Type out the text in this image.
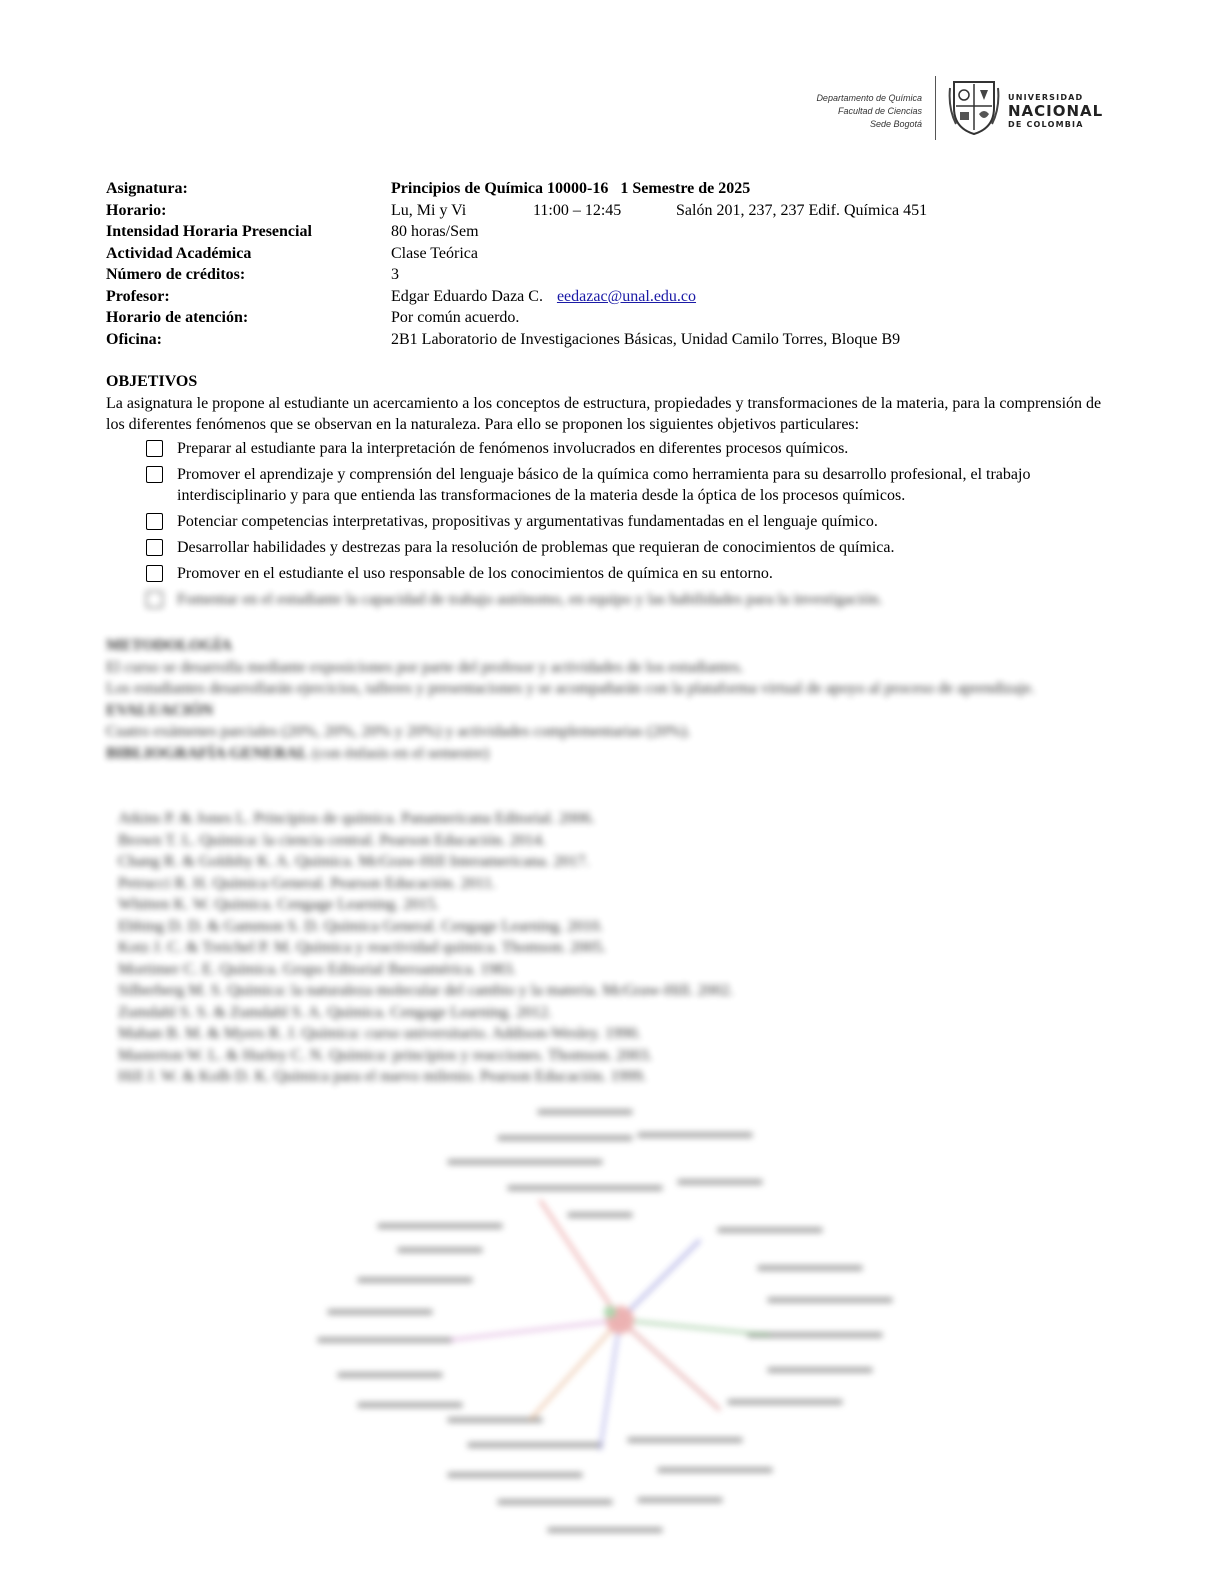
Departamento de Química
Facultad de Ciencias
Sede Bogotá
UNIVERSIDAD
NACIONAL
DE COLOMBIA
Asignatura:	Principios de Química 10000-16   1 Semestre de 2025
Horario:	Lu, Mi y Vi	11:00 – 12:45	Salón 201, 237, 237 Edif. Química 451
Intensidad Horaria Presencial	80 horas/Sem
Actividad Académica	Clase Teórica
Número de créditos:	3
Profesor:	Edgar Eduardo Daza C. eedazac@unal.edu.co
Horario de atención:	Por común acuerdo.
Oficina:	2B1 Laboratorio de Investigaciones Básicas, Unidad Camilo Torres, Bloque B9
OBJETIVOS

La asignatura le propone al estudiante un acercamiento a los conceptos de estructura, propiedades y transformaciones de la materia, para la comprensión de los diferentes fenómenos que se observan en la naturaleza. Para ello se proponen los siguientes objetivos particulares:

Preparar al estudiante para la interpretación de fenómenos involucrados en diferentes procesos químicos.
Promover el aprendizaje y comprensión del lenguaje básico de la química como herramienta para su desarrollo profesional, el trabajo interdisciplinario y para que entienda las transformaciones de la materia desde la óptica de los procesos químicos.
Potenciar competencias interpretativas, propositivas y argumentativas fundamentadas en el lenguaje químico.
Desarrollar habilidades y destrezas para la resolución de problemas que requieran de conocimientos de química.
Promover en el estudiante el uso responsable de los conocimientos de química en su entorno.
Fomentar en el estudiante la capacidad de trabajo autónomo, en equipo y las habilidades para la investigación.
METODOLOGÍA
El curso se desarrolla mediante exposiciones por parte del profesor y actividades de los estudiantes.
Los estudiantes desarrollarán ejercicios, talleres y presentaciones y se acompañarán con la plataforma virtual de apoyo al proceso de aprendizaje.
EVALUACIÓN
Cuatro exámenes parciales (20%, 20%, 20% y 20%) y actividades complementarias (20%).
BIBLIOGRAFÍA GENERAL (con énfasis en el semestre)
Atkins P. & Jones L. Principios de química. Panamericana Editorial. 2006.
Brown T. L. Química: la ciencia central. Pearson Educación. 2014.
Chang R. & Goldsby K. A. Química. McGraw-Hill Interamericana. 2017.
Petrucci R. H. Química General. Pearson Educación. 2011.
Whitten K. W. Química. Cengage Learning. 2015.
Ebbing D. D. & Gammon S. D. Química General. Cengage Learning. 2010.
Kotz J. C. & Treichel P. M. Química y reactividad química. Thomson. 2005.
Mortimer C. E. Química. Grupo Editorial Iberoamérica. 1983.
Silberberg M. S. Química: la naturaleza molecular del cambio y la materia. McGraw-Hill. 2002.
Zumdahl S. S. & Zumdahl S. A. Química. Cengage Learning. 2012.
Mahan B. M. & Myers R. J. Química: curso universitario. Addison-Wesley. 1990.
Masterton W. L. & Hurley C. N. Química: principios y reacciones. Thomson. 2003.
Hill J. W. & Kolb D. K. Química para el nuevo milenio. Pearson Educación. 1999.
